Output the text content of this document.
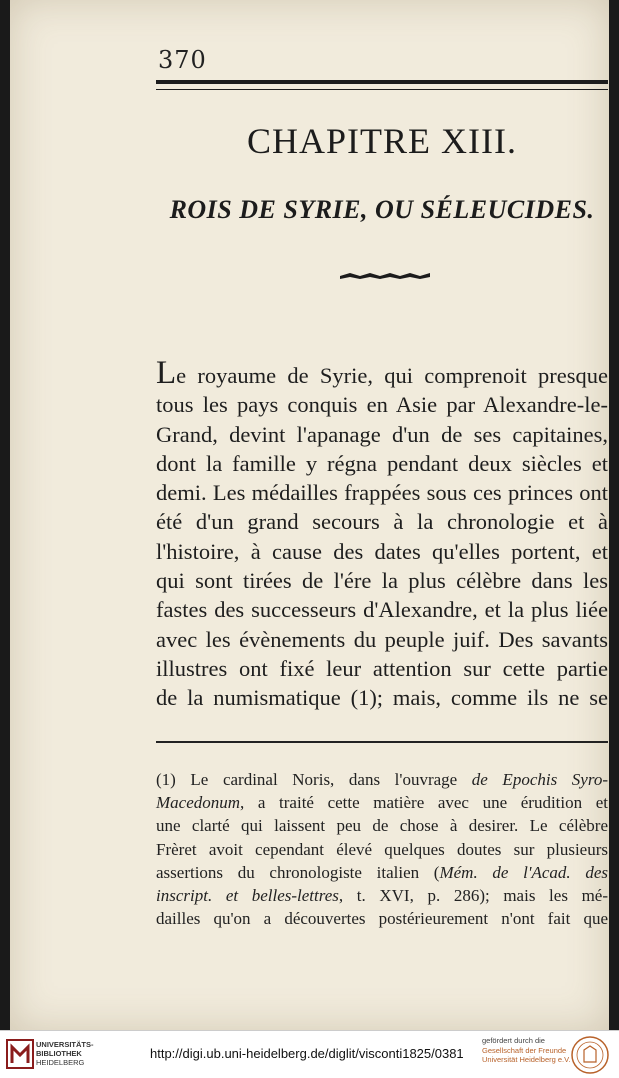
370
CHAPITRE XIII.
ROIS DE SYRIE, OU SÉLEUCIDES.
Le royaume de Syrie, qui comprenoit presque
tous les pays conquis en Asie par Alexandre-le-
Grand, devint l'apanage d'un de ses capitaines,
dont la famille y régna pendant deux siècles et
demi. Les médailles frappées sous ces princes ont
été d'un grand secours à la chronologie et à
l'histoire, à cause des dates qu'elles portent, et
qui sont tirées de l'ére la plus célèbre dans les
fastes des successeurs d'Alexandre, et la plus liée
avec les évènements du peuple juif. Des savants
illustres ont fixé leur attention sur cette partie
de la numismatique (1); mais, comme ils ne se
(1) Le cardinal Noris, dans l'ouvrage de Epochis Syro-
Macedonum, a traité cette matière avec une érudition et
une clarté qui laissent peu de chose à desirer. Le célèbre
Frèret avoit cependant élevé quelques doutes sur plusieurs
assertions du chronologiste italien (Mém. de l'Acad. des
inscript. et belles-lettres, t. XVI, p. 286); mais les mé-
dailles qu'on a découvertes postérieurement n'ont fait que
UNIVERSITÄTS-
BIBLIOTHEK
HEIDELBERG
http://digi.ub.uni-heidelberg.de/diglit/visconti1825/0381
gefördert durch die
Gesellschaft der Freunde
Universität Heidelberg e.V.
